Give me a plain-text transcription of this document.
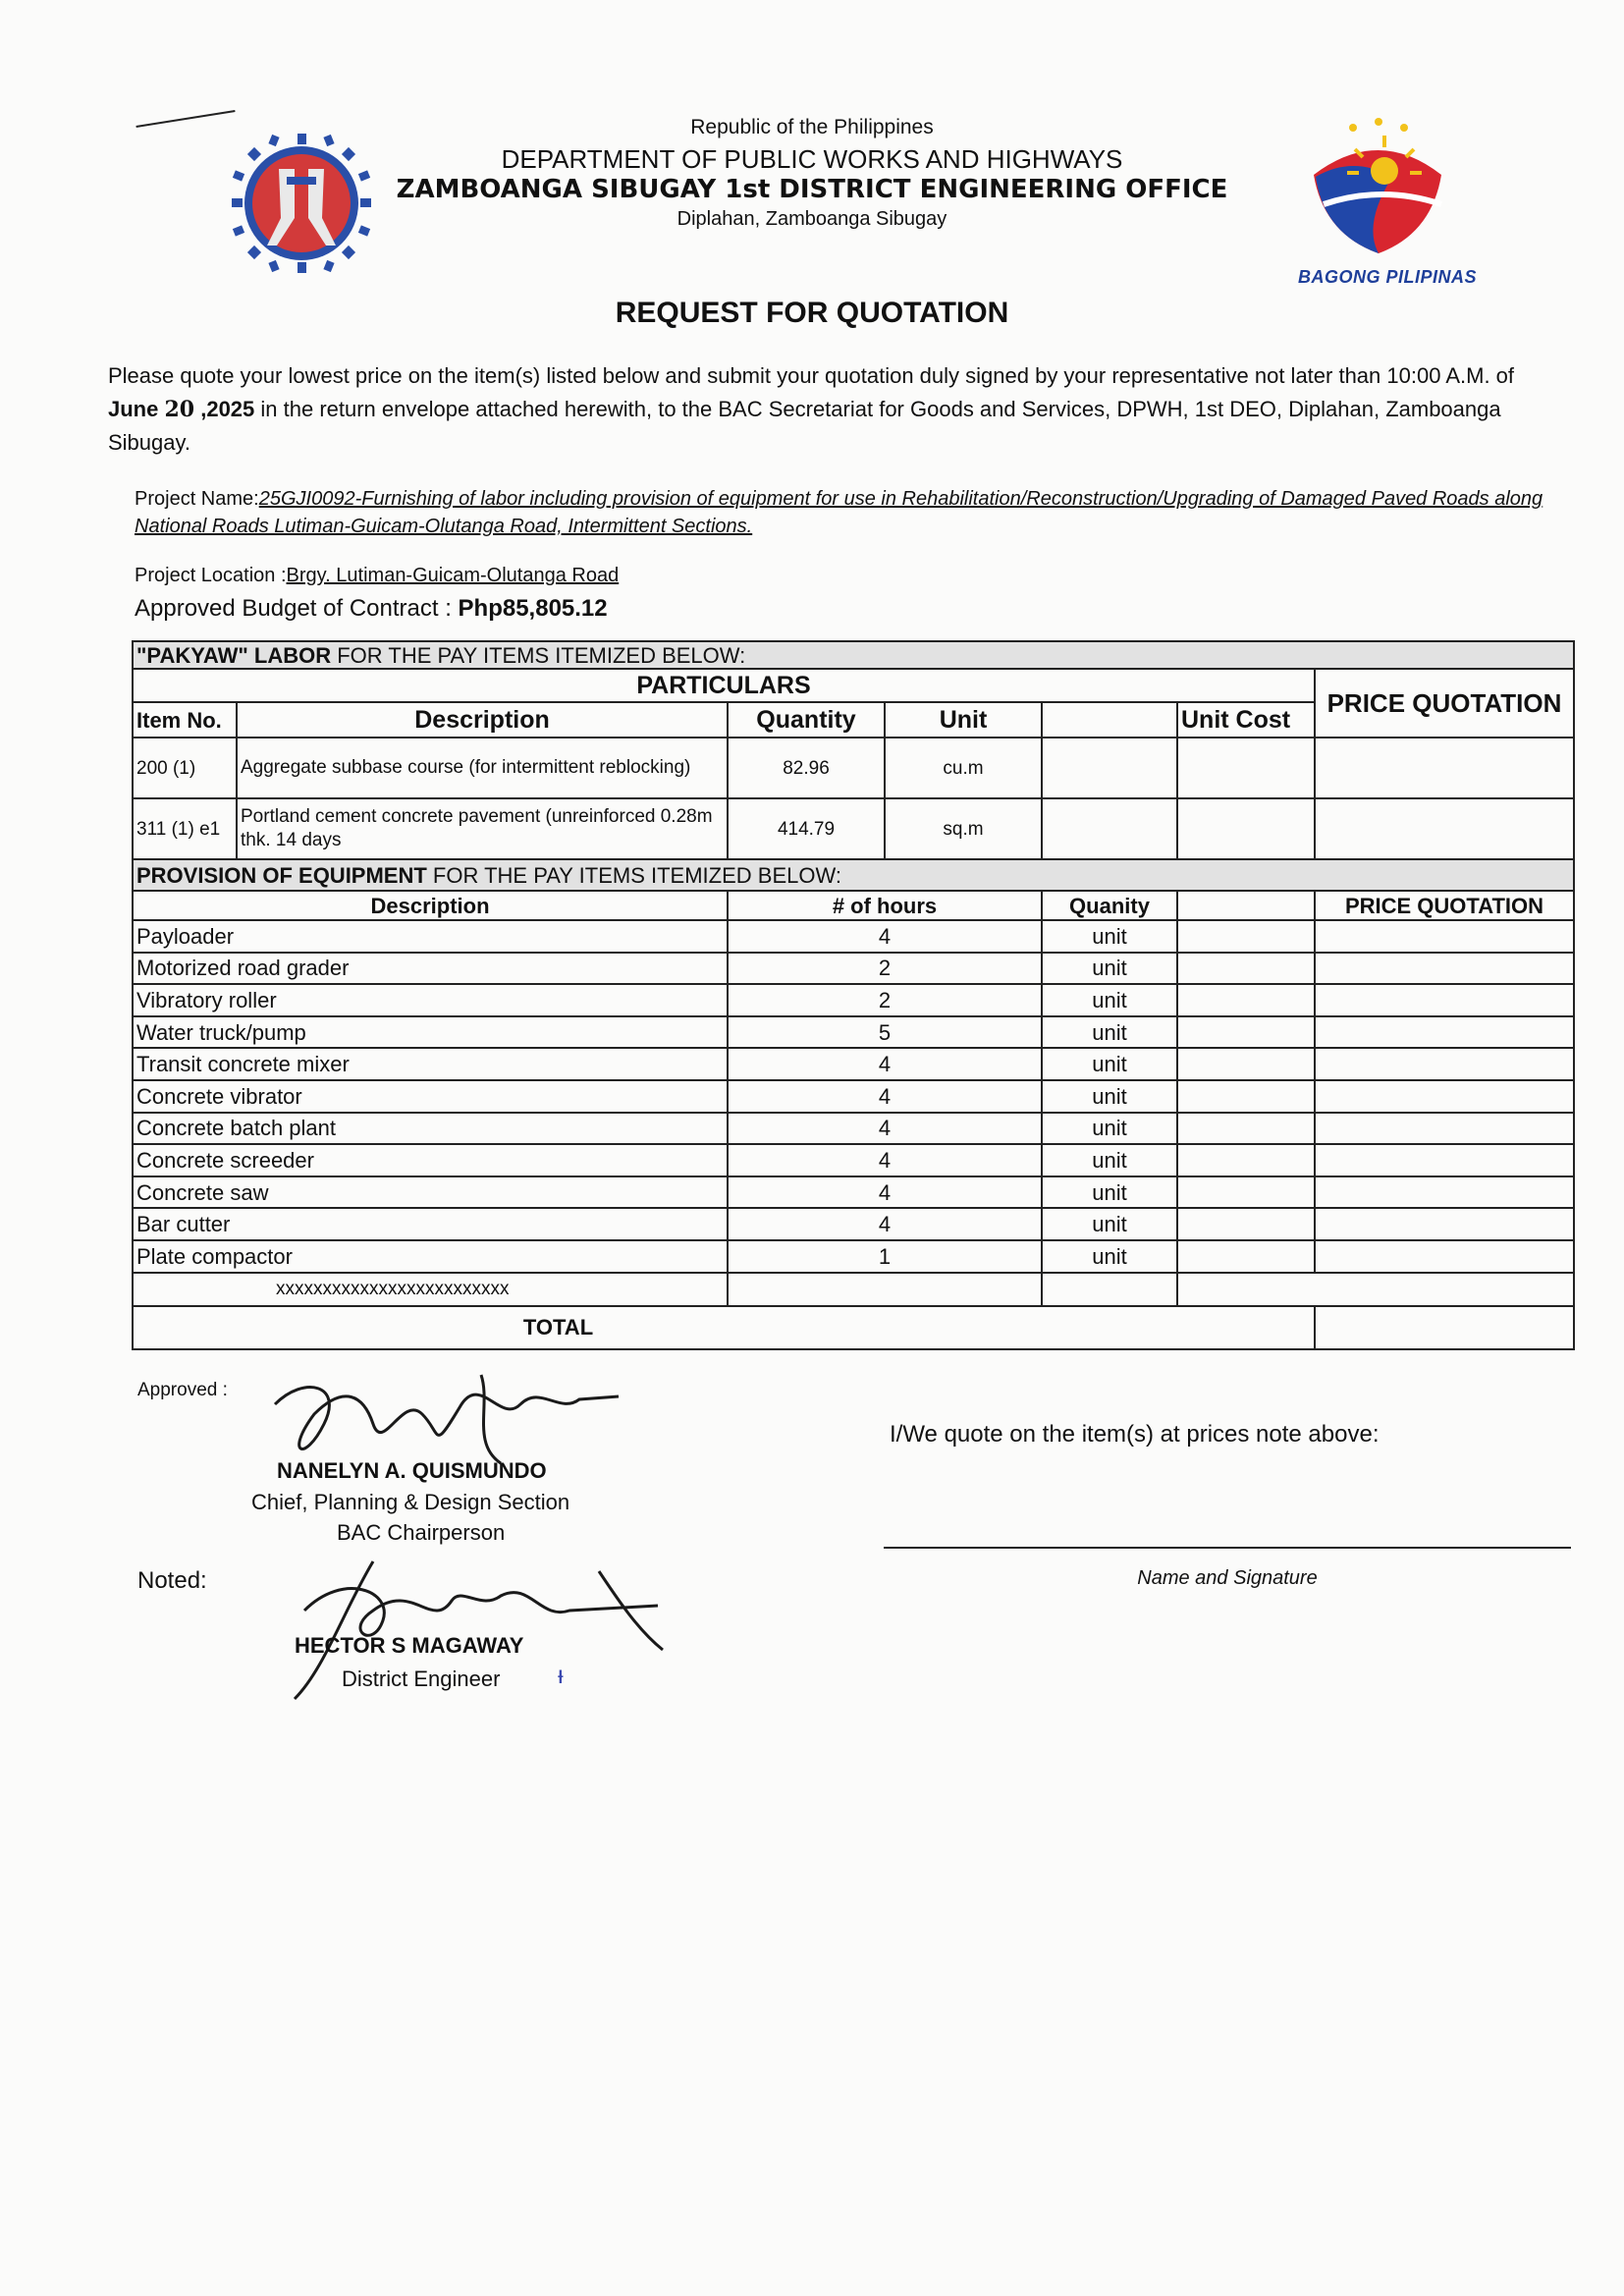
Republic of the Philippines

DEPARTMENT OF PUBLIC WORKS AND HIGHWAYS

ZAMBOANGA SIBUGAY 1st DISTRICT ENGINEERING OFFICE

Diplahan, Zamboanga Sibugay

BAGONG PILIPINAS
REQUEST FOR QUOTATION

Please quote your lowest price on the item(s) listed below and submit your quotation duly signed by your representative not later than 10:00 A.M. of June 20 ,2025 in the return envelope attached herewith, to the BAC Secretariat for Goods and Services, DPWH, 1st DEO, Diplahan, Zamboanga Sibugay.

Project Name:25GJI0092-Furnishing of labor including provision of equipment for use in Rehabilitation/Reconstruction/Upgrading of Damaged Paved Roads along National Roads Lutiman-Guicam-Olutanga Road, Intermittent Sections.

Project Location :Brgy. Lutiman-Guicam-Olutanga Road

Approved Budget of Contract : Php85,805.12

"PAKYAW" LABOR FOR THE PAY ITEMS ITEMIZED BELOW:						
PARTICULARS						PRICE QUOTATION
Item No.	Description	Quantity	Unit		Unit Cost	
200 (1)	Aggregate subbase course (for intermittent reblocking)	82.96	cu.m			
311 (1) e1	Portland cement concrete pavement (unreinforced 0.28m thk. 14 days	414.79	sq.m			
PROVISION OF EQUIPMENT FOR THE PAY ITEMS ITEMIZED BELOW:						
Description		# of hours		Quanity		PRICE QUOTATION
Payloader		4		unit		
Motorized road grader		2		unit		
Vibratory roller		2		unit		
Water truck/pump		5		unit		
Transit concrete mixer		4		unit		
Concrete vibrator		4		unit		
Concrete batch plant		4		unit		
Concrete screeder		4		unit		
Concrete saw		4		unit		
Bar cutter		4		unit		
Plate compactor		1		unit		
xxxxxxxxxxxxxxxxxxxxxxxxx						
TOTAL						
Approved :
NANELYN A. QUISMUNDO
Chief, Planning & Design Section
BAC Chairperson
Noted:
HECTOR S MAGAWAY
District Engineer ᵼ
I/We quote on the item(s) at prices note above:
Name and Signature
